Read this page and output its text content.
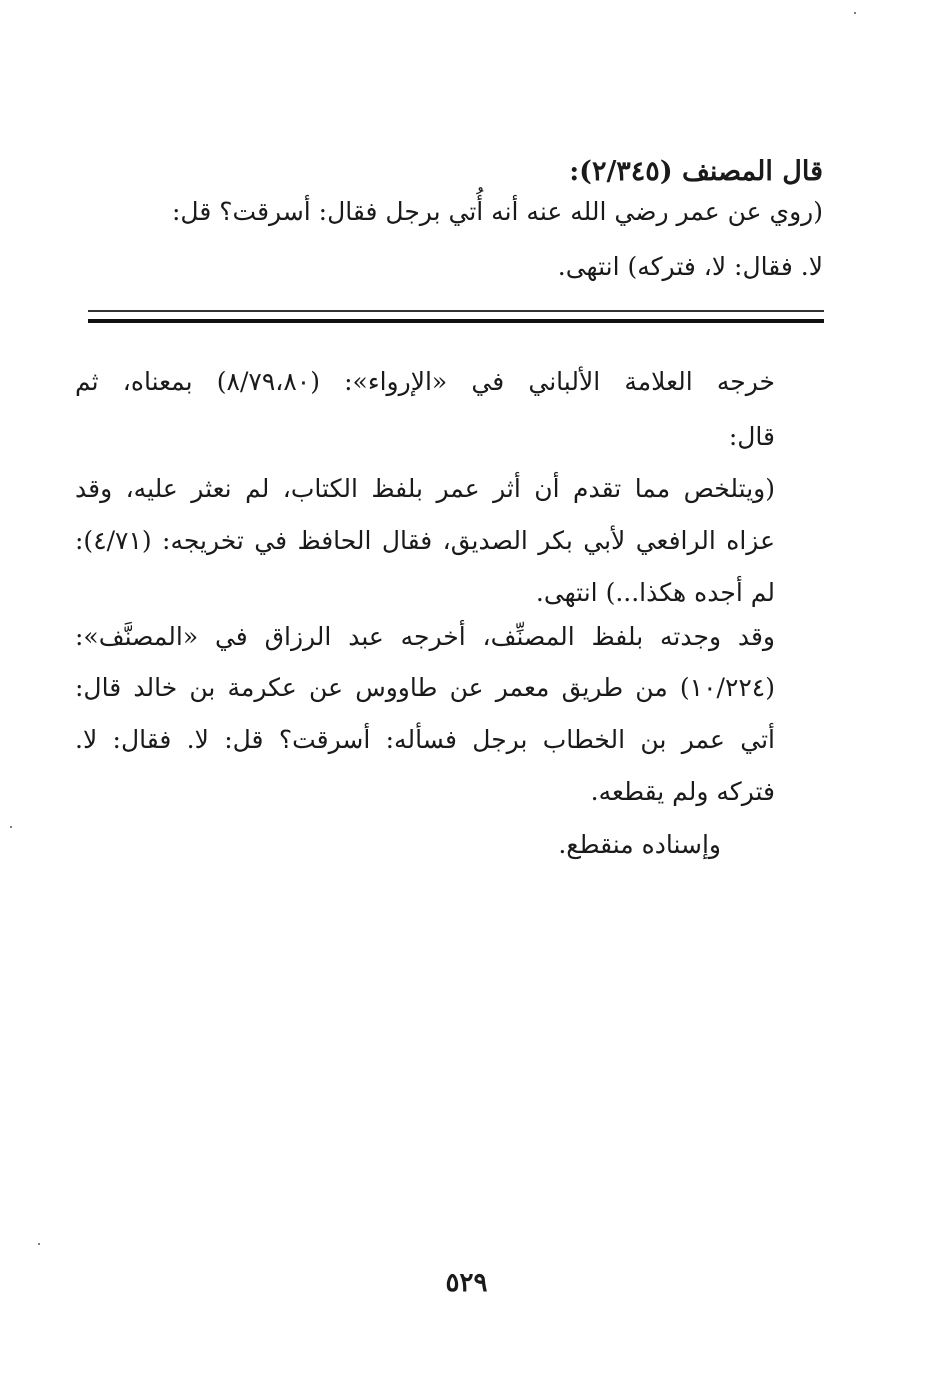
قال المصنف (٢/٣٤٥):
(روي عن عمر رضي الله عنه أنه أُتي برجل فقال: أسرقت؟ قل:
لا. فقال: لا، فتركه) انتهى.
خرجه العلامة الألباني في «الإرواء»: (٨/٧٩،٨٠) بمعناه، ثم
قال:
(ويتلخص مما تقدم أن أثر عمر بلفظ الكتاب، لم نعثر عليه، وقد
عزاه الرافعي لأبي بكر الصديق، فقال الحافظ في تخريجه: (٤/٧١):
لم أجده هكذا...) انتهى.
وقد وجدته بلفظ المصنِّف، أخرجه عبد الرزاق في «المصنَّف»:
(١٠/٢٢٤) من طريق معمر عن طاووس عن عكرمة بن خالد قال:
أتي عمر بن الخطاب برجل فسأله: أسرقت؟ قل: لا. فقال: لا.
فتركه ولم يقطعه.
وإسناده منقطع.
٥٢٩
